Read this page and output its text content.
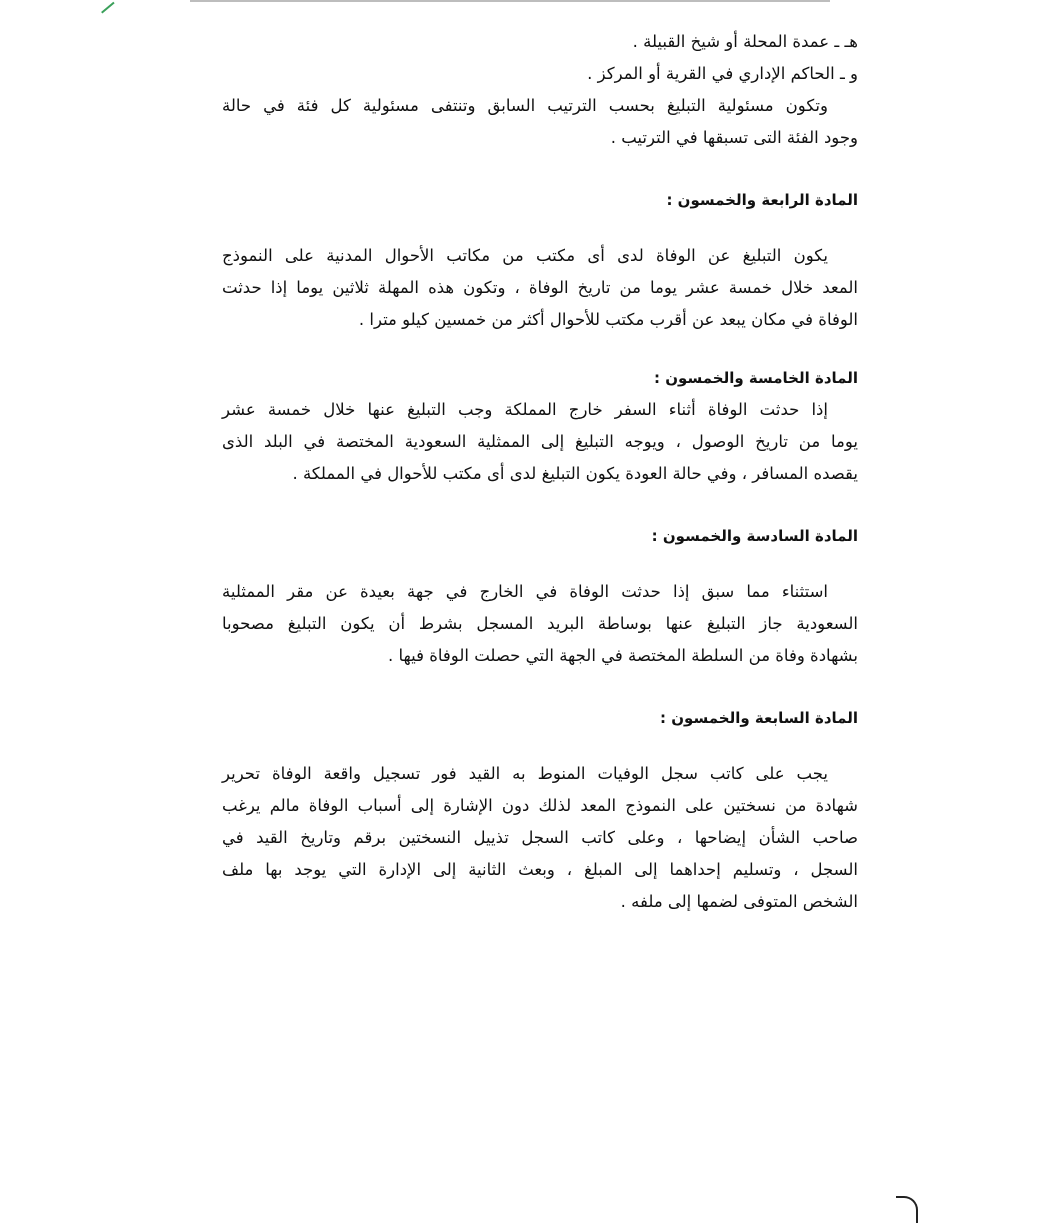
هـ ـ عمدة المحلة أو شيخ القبيلة .
و ـ الحاكم الإداري في القرية أو المركز .
وتكون مسئولية التبليغ بحسب الترتيب السابق وتنتفى مسئولية كل فئة في حالة
وجود الفئة التى تسبقها في الترتيب .
المادة الرابعة والخمسون :
يكون التبليغ عن الوفاة لدى أى مكتب من مكاتب الأحوال المدنية على النموذج
المعد خلال خمسة عشر يوما من تاريخ الوفاة ، وتكون هذه المهلة ثلاثين يوما إذا حدثت
الوفاة في مكان يبعد عن أقرب مكتب للأحوال أكثر من خمسين كيلو مترا .
المادة الخامسة والخمسون :
إذا حدثت الوفاة أثناء السفر خارج المملكة وجب التبليغ عنها خلال خمسة عشر
يوما من تاريخ الوصول ، ويوجه التبليغ إلى الممثلية السعودية المختصة في البلد الذى
يقصده المسافر ، وفي حالة العودة يكون التبليغ لدى أى مكتب للأحوال في المملكة .
المادة السادسة والخمسون :
استثناء مما سبق إذا حدثت الوفاة في الخارج في جهة بعيدة عن مقر الممثلية
السعودية جاز التبليغ عنها بوساطة البريد المسجل بشرط أن يكون التبليغ مصحوبا
بشهادة وفاة من السلطة المختصة في الجهة التي حصلت الوفاة فيها .
المادة السابعة والخمسون :
يجب على كاتب سجل الوفيات المنوط به القيد فور تسجيل واقعة الوفاة تحرير
شهادة من نسختين على النموذج المعد لذلك دون الإشارة إلى أسباب الوفاة مالم يرغب
صاحب الشأن إيضاحها ، وعلى كاتب السجل تذييل النسختين برقم وتاريخ القيد في
السجل ، وتسليم إحداهما إلى المبلغ ، وبعث الثانية إلى الإدارة التي يوجد بها ملف
الشخص المتوفى لضمها إلى ملفه .
